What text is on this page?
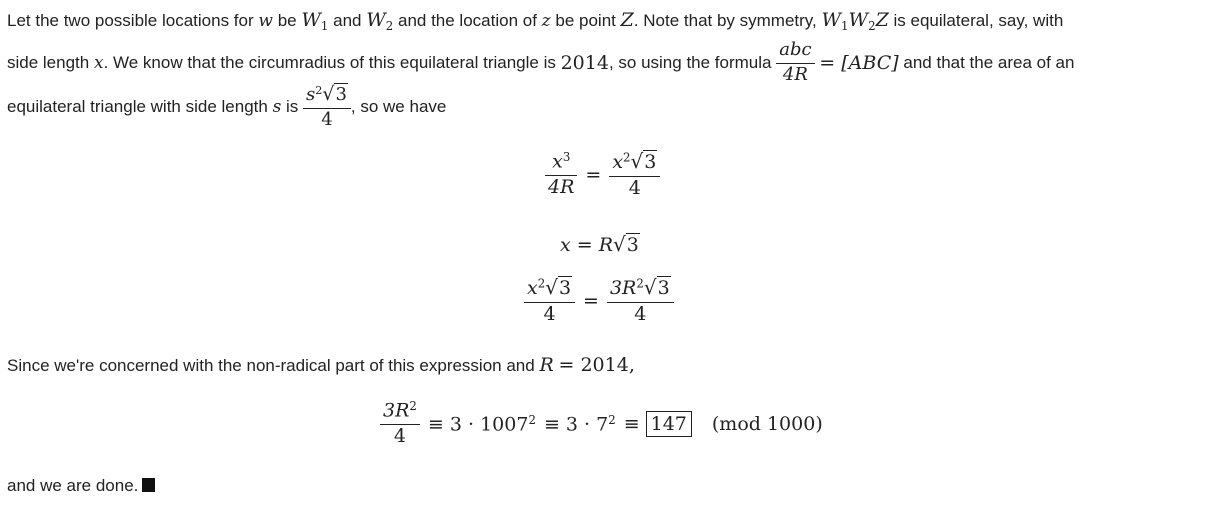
Let the two possible locations for w be $W_1$ and $W_2$ and the location of z be point Z. Note that by symmetry, $W_1W_2Z$ is equilateral, say, with
side length
x . We know that the circumradius of this equilateral triangle is
2014 , so using the formula
$\frac{\text{abc}}{4R}$
= [ABC]
and that the area of an
equilateral triangle with side length
s
is
$\frac{s^2√3}{4}$ , so we have
$\frac{x^3}{4R} = \frac{x^2√3}{4}$
x = R√3
$\frac{x^2√3}{4} = \frac{3R^2√3}{4}$
Since we're concerned with the non-radical part of this expression and R = 2014,
$\frac{3R^2}{4} \equiv 3 \cdot 1007^2 \equiv 3 \cdot 7^2 \equiv 147$ (mod 1000)
and we are done.
